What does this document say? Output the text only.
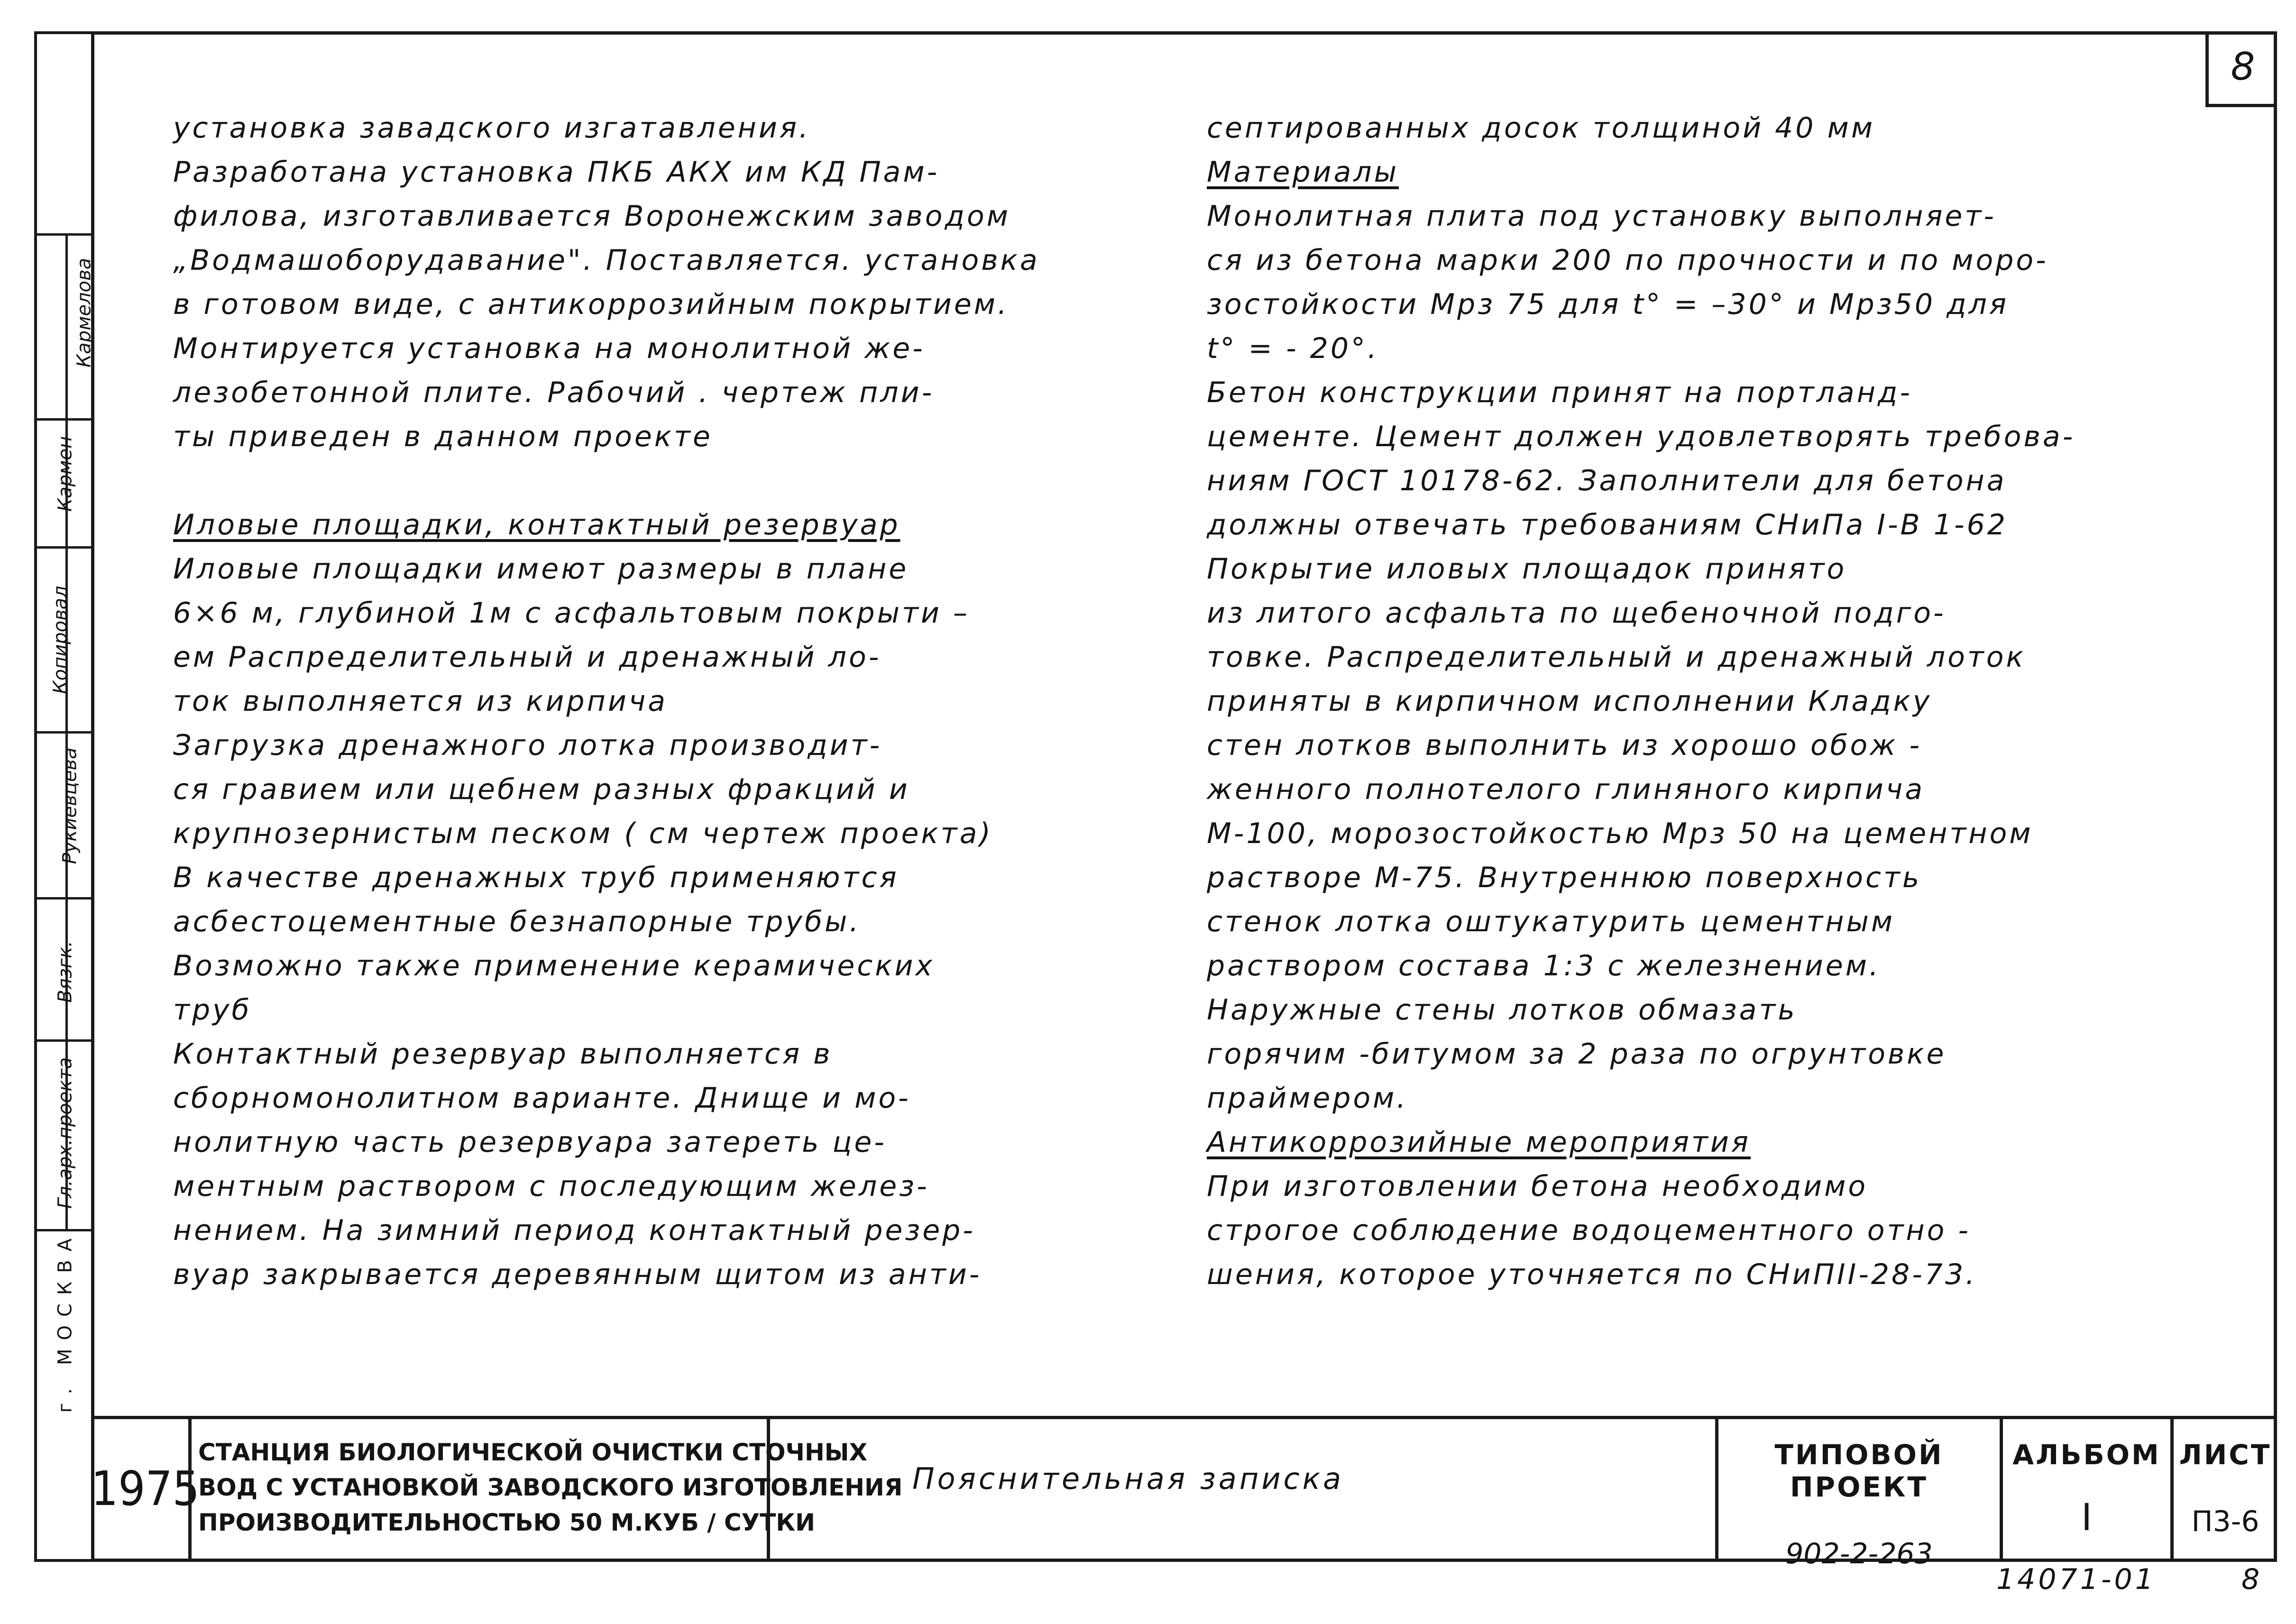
Кармелова
Кармен
Копировал
Рукиевцева
Вязгк.
Гл.арх.проекта
г. МОСКВА
8
установка завадского изгатавления.
Разработана установка ПКБ АКХ им КД Пам-
филова, изготавливается Воронежским заводом
„Водмашоборудавание". Поставляется. установка
в готовом виде, с антикоррозийным покрытием.
Монтируется установка на монолитной же-
лезобетонной плите. Рабочий . чертеж пли-
ты приведен в данном проекте
Иловые площадки, контактный резервуар
Иловые площадки имеют размеры в плане
6×6 м, глубиной 1м с асфальтовым покрыти –
ем Распределительный и дренажный ло-
ток выполняется из кирпича
Загрузка дренажного лотка производит-
ся гравием или щебнем разных фракций и
крупнозернистым песком ( см чертеж проекта)
В качестве дренажных труб применяются
асбестоцементные безнапорные трубы.
Возможно также применение керамических
труб
Контактный резервуар выполняется в
сборномонолитном варианте. Днище и мо-
нолитную часть резервуара затереть це-
ментным раствором с последующим желез-
нением. На зимний период контактный резер-
вуар закрывается деревянным щитом из анти-
септированных досок толщиной 40 мм
Материалы
Монолитная плита под установку выполняет-
ся из бетона марки 200 по прочности и по моро-
зостойкости Мрз 75 для t° = –30° и Мрз50 для
t° = - 20°.
Бетон конструкции принят на портланд-
цементе. Цемент должен удовлетворять требова-
ниям ГОСТ 10178-62. Заполнители для бетона
должны отвечать требованиям СНиПа I-В 1-62
Покрытие иловых площадок принято
из литого асфальта по щебеночной подго-
товке. Распределительный и дренажный лоток
приняты в кирпичном исполнении Кладку
стен лотков выполнить из хорошо обож -
женного полнотелого глиняного кирпича
М-100, морозостойкостью Мрз 50 на цементном
растворе М-75. Внутреннюю поверхность
стенок лотка оштукатурить цементным
раствором состава 1:3 с железнением.
Наружные стены лотков обмазать
горячим -битумом за 2 раза по огрунтовке
праймером.
Антикоррозийные мероприятия
При изготовлении бетона необходимо
строгое соблюдение водоцементного отно -
шения, которое уточняется по СНиПII-28-73.
1975
СТАНЦИЯ БИОЛОГИЧЕСКОЙ ОЧИСТКИ СТОЧНЫХ
ВОД С УСТАНОВКОЙ ЗАВОДСКОГО ИЗГОТОВЛЕНИЯ
ПРОИЗВОДИТЕЛЬНОСТЬЮ 50 М.КУБ / СУТКИ
Пояснительная записка
ТИПОВОЙ ПРОЕКТ
902-2-263
АЛЬБОМ
I
ЛИСТ
П3-6
14071-01	8
